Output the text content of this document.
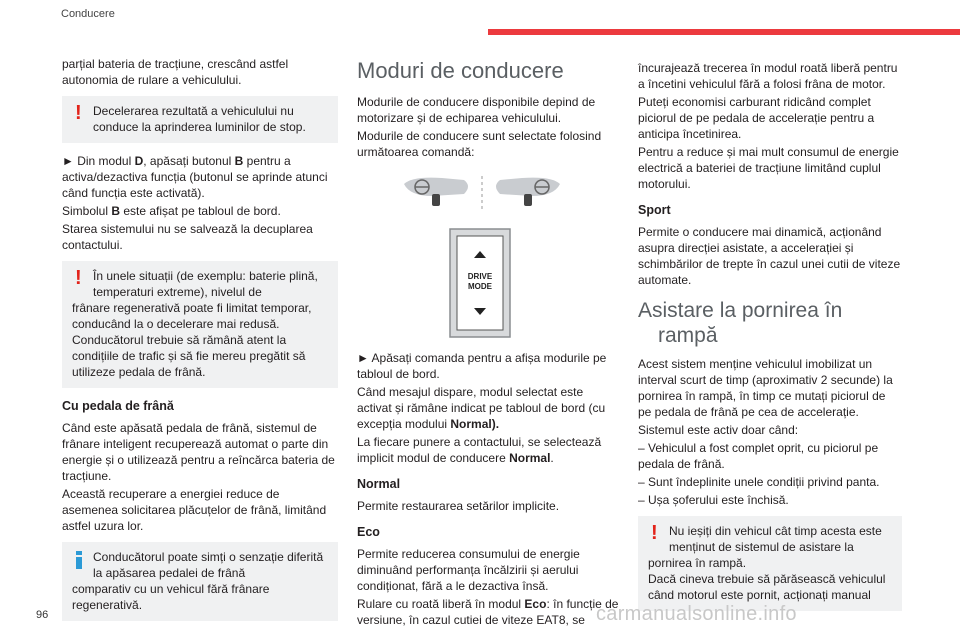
Conducere

parțial bateria de tracțiune, crescând astfel autonomia de rulare a vehiculului.

! Decelerarea rezultată a vehiculului nu conduce la aprinderea luminilor de stop.

► Din modul D, apăsați butonul B pentru a activa/dezactiva funcția (butonul se aprinde atunci când funcția este activată).

Simbolul B este afișat pe tabloul de bord.

Starea sistemului nu se salvează la decuplarea contactului.

! În unele situații (de exemplu: baterie plină, temperaturi extreme), nivelul de
frânare regenerativă poate fi limitat temporar, conducând la o decelerare mai redusă. Conducătorul trebuie să rămână atent la condițiile de trafic și să fie mereu pregătit să utilizeze pedala de frână.
Cu pedala de frână

Când este apăsată pedala de frână, sistemul de frânare inteligent recuperează automat o parte din energie și o utilizează pentru a reîncărca bateria de tracțiune.

Această recuperare a energiei reduce de asemenea solicitarea plăcuțelor de frână, limitând astfel uzura lor.

Conducătorul poate simți o senzație diferită la apăsarea pedalei de frână
comparativ cu un vehicul fără frânare regenerativă.
Moduri de conducere

Modurile de conducere disponibile depind de motorizare și de echiparea vehiculului.

Modurile de conducere sunt selectate folosind următoarea comandă:

DRIVE
MODE

► Apăsați comanda pentru a afișa modurile pe tabloul de bord.

Când mesajul dispare, modul selectat este activat și rămâne indicat pe tabloul de bord (cu excepția modului Normal).

La fiecare punere a contactului, se selectează implicit modul de conducere Normal.

Normal

Permite restaurarea setărilor implicite.

Eco

Permite reducerea consumului de energie diminuând performanța încălzirii și aerului condiționat, fără a le dezactiva însă.

Rulare cu roată liberă în modul Eco: în funcție de versiune, în cazul cutiei de viteze EAT8, se

încurajează trecerea în modul roată liberă pentru a încetini vehiculul fără a folosi frâna de motor.

Puteți economisi carburant ridicând complet piciorul de pe pedala de accelerație pentru a anticipa încetinirea.

Pentru a reduce și mai mult consumul de energie electrică a bateriei de tracțiune limitând cuplul motorului.

Sport

Permite o conducere mai dinamică, acționând asupra direcției asistate, a accelerației și schimbărilor de trepte în cazul unei cutii de viteze automate.

Asistare la pornirea în
rampă

Acest sistem menține vehiculul imobilizat un interval scurt de timp (aproximativ 2 secunde) la pornirea în rampă, în timp ce mutați piciorul de pe pedala de frână pe cea de accelerație.

Sistemul este activ doar când:

– Vehiculul a fost complet oprit, cu piciorul pe pedala de frână.

– Sunt îndeplinite unele condiții privind panta.

– Ușa șoferului este închisă.

! Nu ieșiți din vehicul cât timp acesta este menținut de sistemul de asistare la
pornirea în rampă.
Dacă cineva trebuie să părăsească vehiculul când motorul este pornit, acționați manual
96	carmanualsonline.info
